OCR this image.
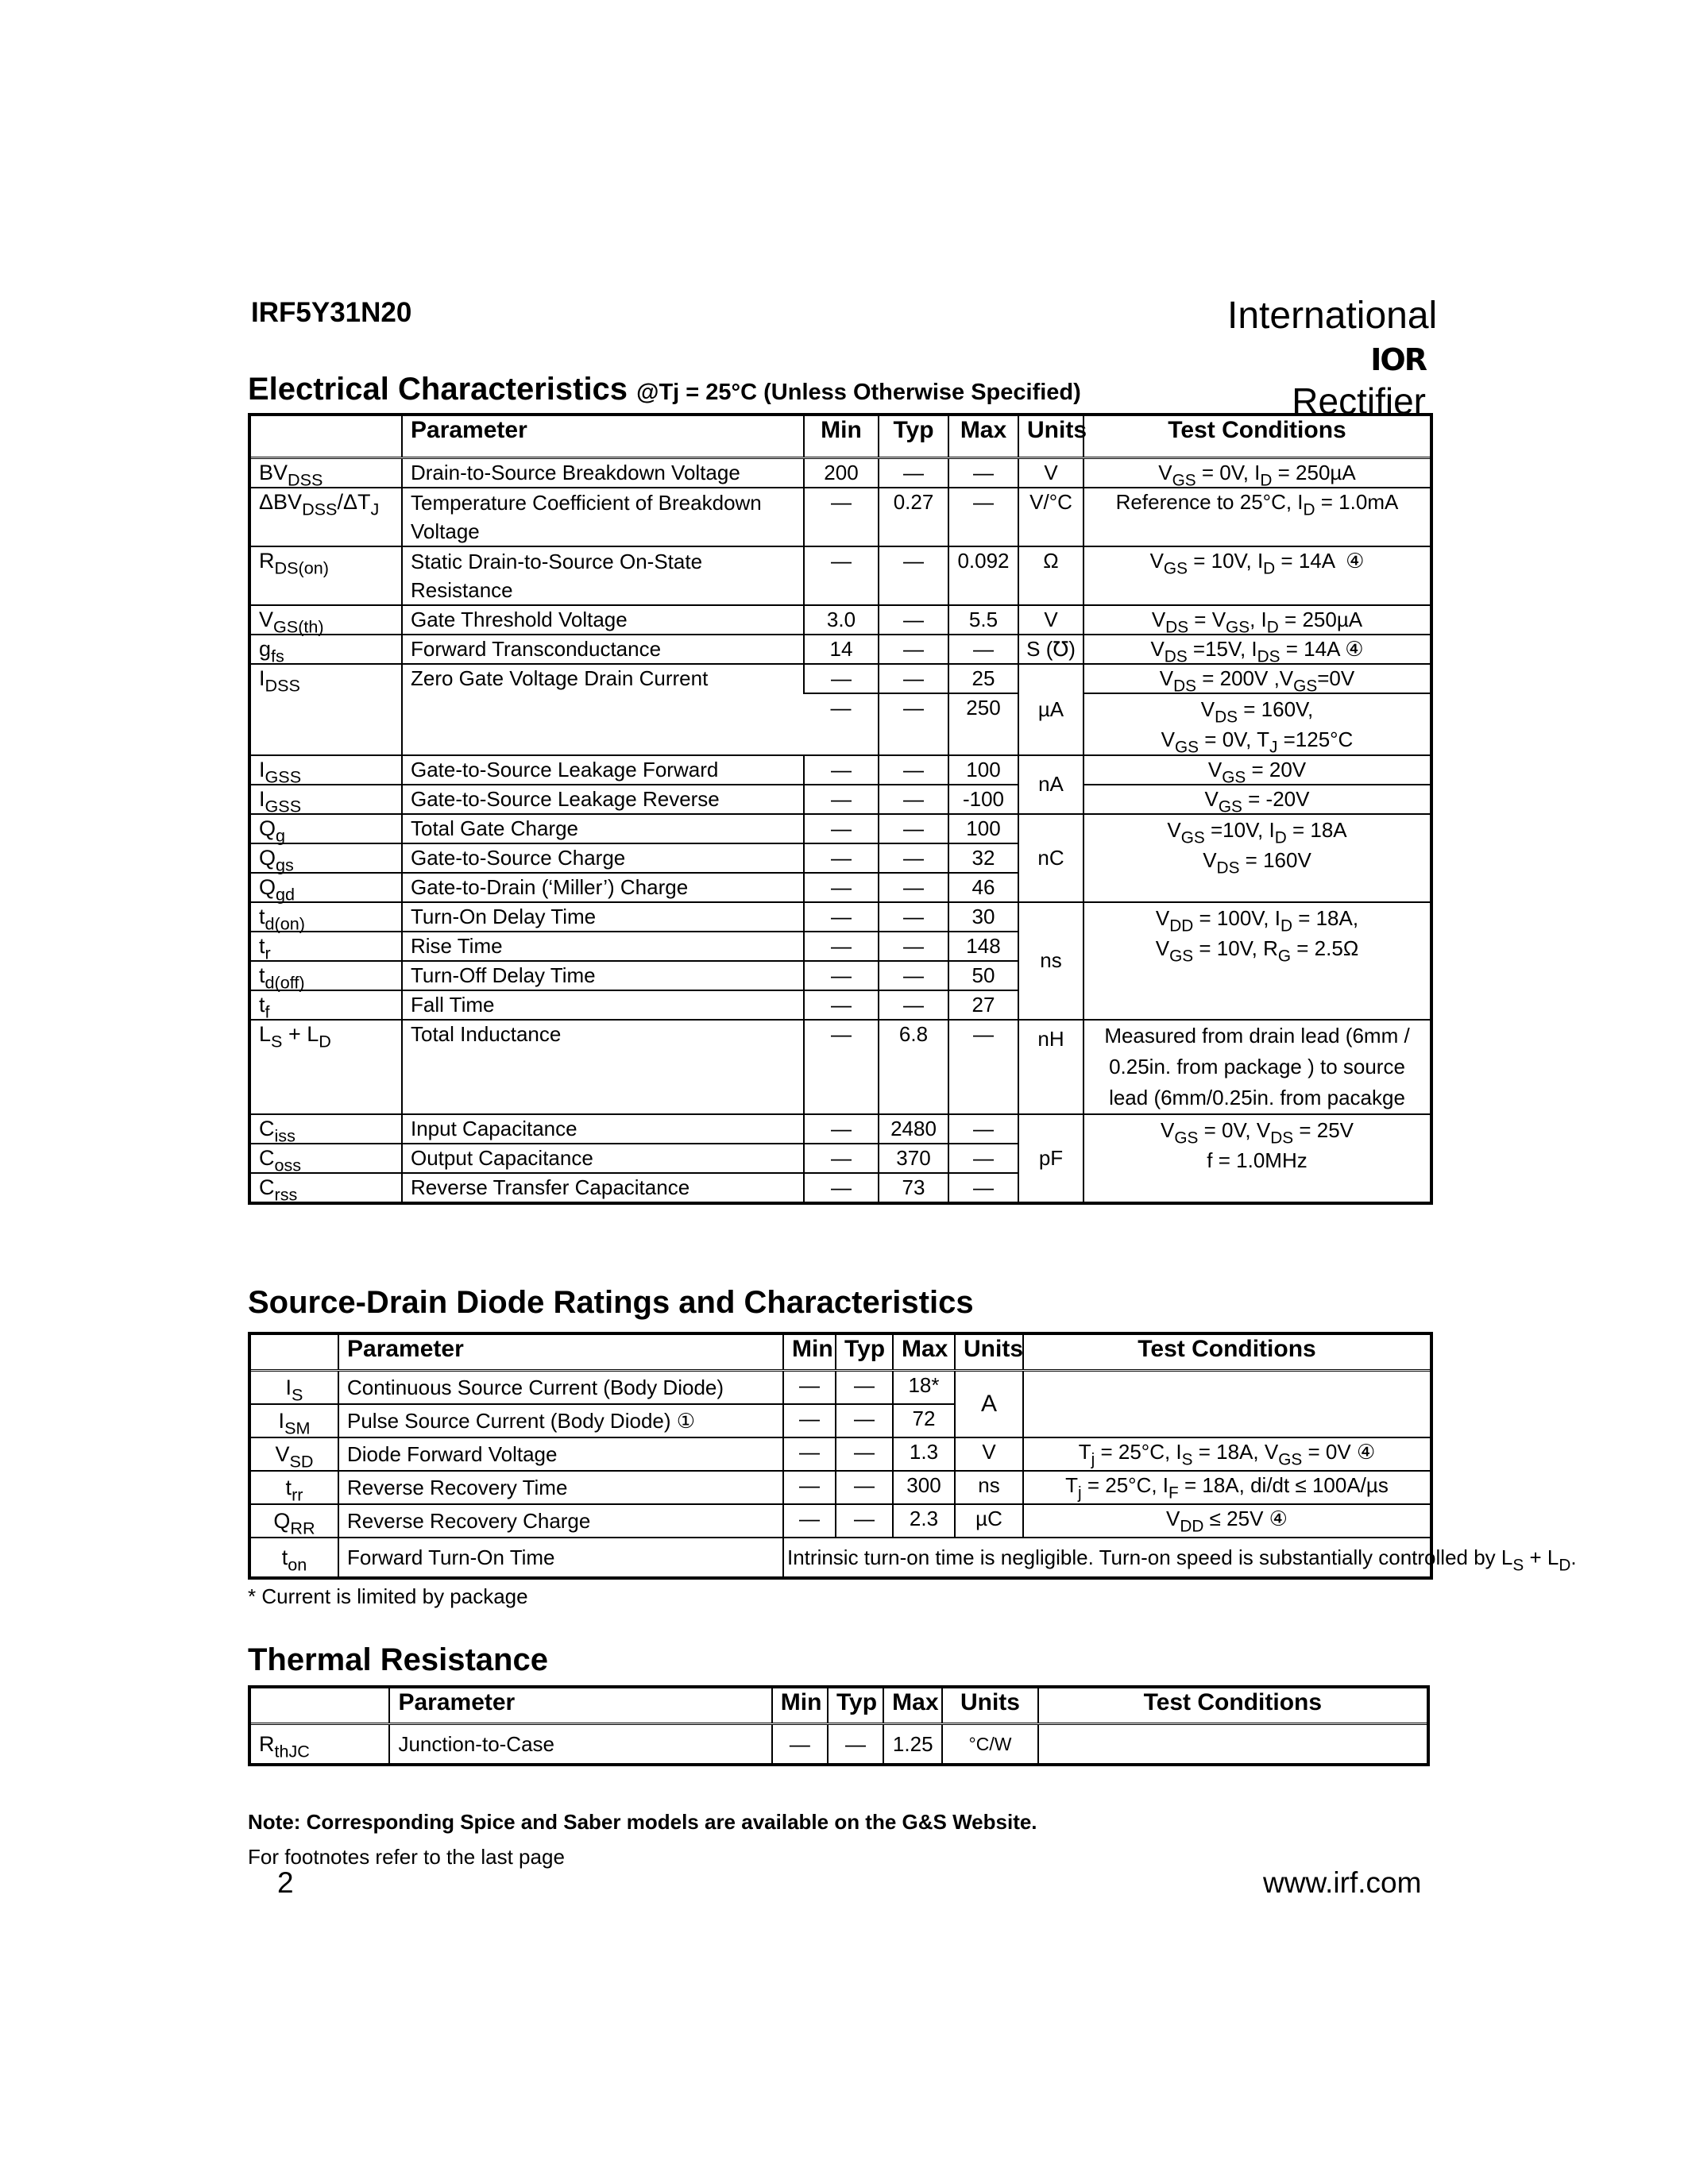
IRF5Y31N20	International
IOR Rectifier
Electrical Characteristics @Tj = 25°C (Unless Otherwise Specified)
	Parameter	Min	Typ	Max	Units	Test Conditions
$BV_{DSS}$	Drain-to-Source Breakdown Voltage	200	—	—	V	$V_{GS} = 0V$, $I_D = 250\mu A$
$\Delta BV_{DSS}/\Delta T_J$	Temperature Coefficient of Breakdown Voltage	—	0.27	—	V/°C	Reference to 25°C, $I_D = 1.0mA$
$R_{DS(on)}$	Static Drain-to-Source On-State Resistance	—	—	0.092	Ω	$V_{GS} = 10V$, $I_D = 14A$  ④
$V_{GS(th)}$	Gate Threshold Voltage	3.0	—	5.5	V	$V_{DS} = V_{GS}$, $I_D = 250\mu A$
$g_{fs}$	Forward Transconductance	14	—	—	S (℧)	$V_{DS} =15V$, $I_{DS} = 14A$ ④
$I_{DSS}$	Zero Gate Voltage Drain Current	—	—	25	µA	$V_{DS} = 200V$ $,V_{GS}=0V$
		—	—	250		$V_{DS} = 160V$,
$V_{GS} = 0V$, $T_J =125^\circ C$
$I_{GSS}$	Gate-to-Source Leakage Forward	—	—	100	nA	$V_{GS} = 20V$
$I_{GSS}$	Gate-to-Source Leakage Reverse	—	—	-100		$V_{GS} = -20V$
$Q_g$	Total Gate Charge	—	—	100	nC	$V_{GS} =10V$, $I_D = 18A$
$V_{DS} = 160V$
$Q_{gs}$	Gate-to-Source Charge	—	—	32		
$Q_{gd}$	Gate-to-Drain (‘Miller’) Charge	—	—	46		
$t_{d(on)}$	Turn-On Delay Time	—	—	30	ns	$V_{DD} = 100V$, $I_D = 18A$,
$V_{GS} = 10V$, $R_G = 2.5\Omega$
$t_r$	Rise Time	—	—	148		
$t_{d(off)}$	Turn-Off Delay Time	—	—	50		
$t_f$	Fall Time	—	—	27		
$L_S + L_D$	Total Inductance	—	6.8	—	nH	Measured from drain lead (6mm / 0.25in. from package ) to source lead (6mm/0.25in. from pacakge
$C_{iss}$	Input Capacitance	—	2480	—	pF	$V_{GS} = 0V$, $V_{DS} = 25V$
f = 1.0MHz
$C_{oss}$	Output Capacitance	—	370	—		
$C_{rss}$	Reverse Transfer Capacitance	—	73	—		
Source-Drain Diode Ratings and Characteristics
	Parameter	Min	Typ	Max	Units	Test Conditions
$I_S$	Continuous Source Current (Body Diode)	—	—	18*	A	
$I_{SM}$	Pulse Source Current (Body Diode) ①	—	—	72		
$V_{SD}$	Diode Forward Voltage	—	—	1.3	V	$T_j = 25^\circ C$, $I_S = 18A$, $V_{GS} = 0V$ ④
$t_{rr}$	Reverse Recovery Time	—	—	300	ns	$T_j = 25^\circ C$, $I_F = 18A$, di/dt ≤ 100A/µs
$Q_{RR}$	Reverse Recovery Charge	—	—	2.3	µC	$V_{DD} \le 25V$ ④
$t_{on}$	Forward Turn-On Time	Intrinsic turn-on time is negligible. Turn-on speed is substantially controlled by $L_S + L_D$.				
* Current is limited by package
Thermal Resistance
	Parameter	Min	Typ	Max	Units	Test Conditions
$R_{thJC}$	Junction-to-Case	—	—	1.25	°C/W	
Note: Corresponding Spice and Saber models are available on the G&S Website.
For footnotes refer to the last page
2	www.irf.com
